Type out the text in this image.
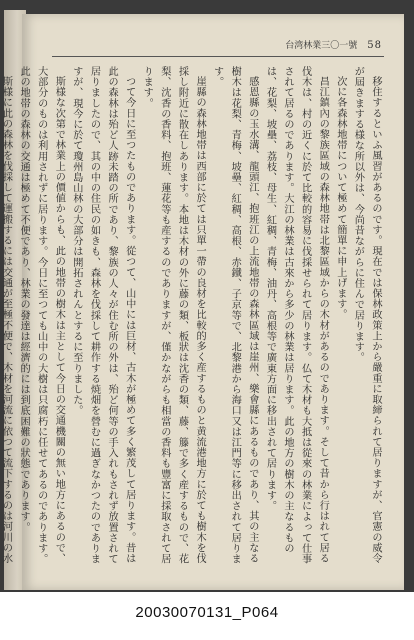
台湾林業三〇一號 58

移住するといふ風習があるのです。現在では保林政策上から嚴重に取締られて居りますが、官憲の威令が屆きまする様な所以外は、今尚昔ながらに住んで居ります。

次に各森林地帯について極めて簡單に申上げます。

昌江鎮內の黎族區域の森林地帯は北黎區域からの木材があるのであります。そして昔から行はれて居る伐木は、村の近くに於て比較的容易に伐採せられて居ります。仏て木材も大抵は從來の林業によって仕事されて居るのであります。大江の林業は古來から多少の林業は居ります。此の地方の樹木の主なるものは、花梨、坡壘、荔枝、母生、紅稠、青梅、油丹、高根等で廣東方面に移出されて居ります。

感恩縣の玉水溝、龍頭江、抱班江の上流地帯の森林區域は崖州、樂會縣にあるものであり、其の主なる樹木は花梨、青梅、坡壘、紅稠、高根、赤鐵、子京等で、北黎港から海口又は江門等に移出されて居ります。

崖縣の森林地帯は西部に於ては只單一帶の良材を比較的多く産するものと黄流港地方に於ても樹木を伐採し附近に散在しあります。本地は木材の外に藤の類、板狀は沈香の類、藤、籐で多く産するもので、花梨、沈香の香料、抱班、蓮花等も産するのでありますが、僅かながらも相當の香料も豐富に採取されて居ります。

つて今日に至つたものであります。從つて、山中には巨材、古木が極めて多く繁茂して居ります。昔は此の森林は殆ど人跡未踏の所であり、黎族の人々が住む所の外は、殆ど何等の手入れもされず放置されて居りましたので、其の中の住民の如きも、森林を伐採して耕作する焼畑を營むに過ぎなかつたのでありますが、現今に於て瓊州島山林の大部分は開拓されんとするに至りました。

斯様な次第で林業上の價値からも、此の地帯の樹木は主として今日の交通機關の無い地方にあるので、大部分のものは利用されずに居ります。今日に至つても山中の大樹は只腐朽に任せてあるのであります。此の地帯の森林の交通は極めて不便であり、林業の發達は經濟的には到底困難の狀態であります。

斯様に此の森林を伐採して運搬するには交通が至極不便で、木材を河流に依つて流下するのは河川の水

20030070131_P064
